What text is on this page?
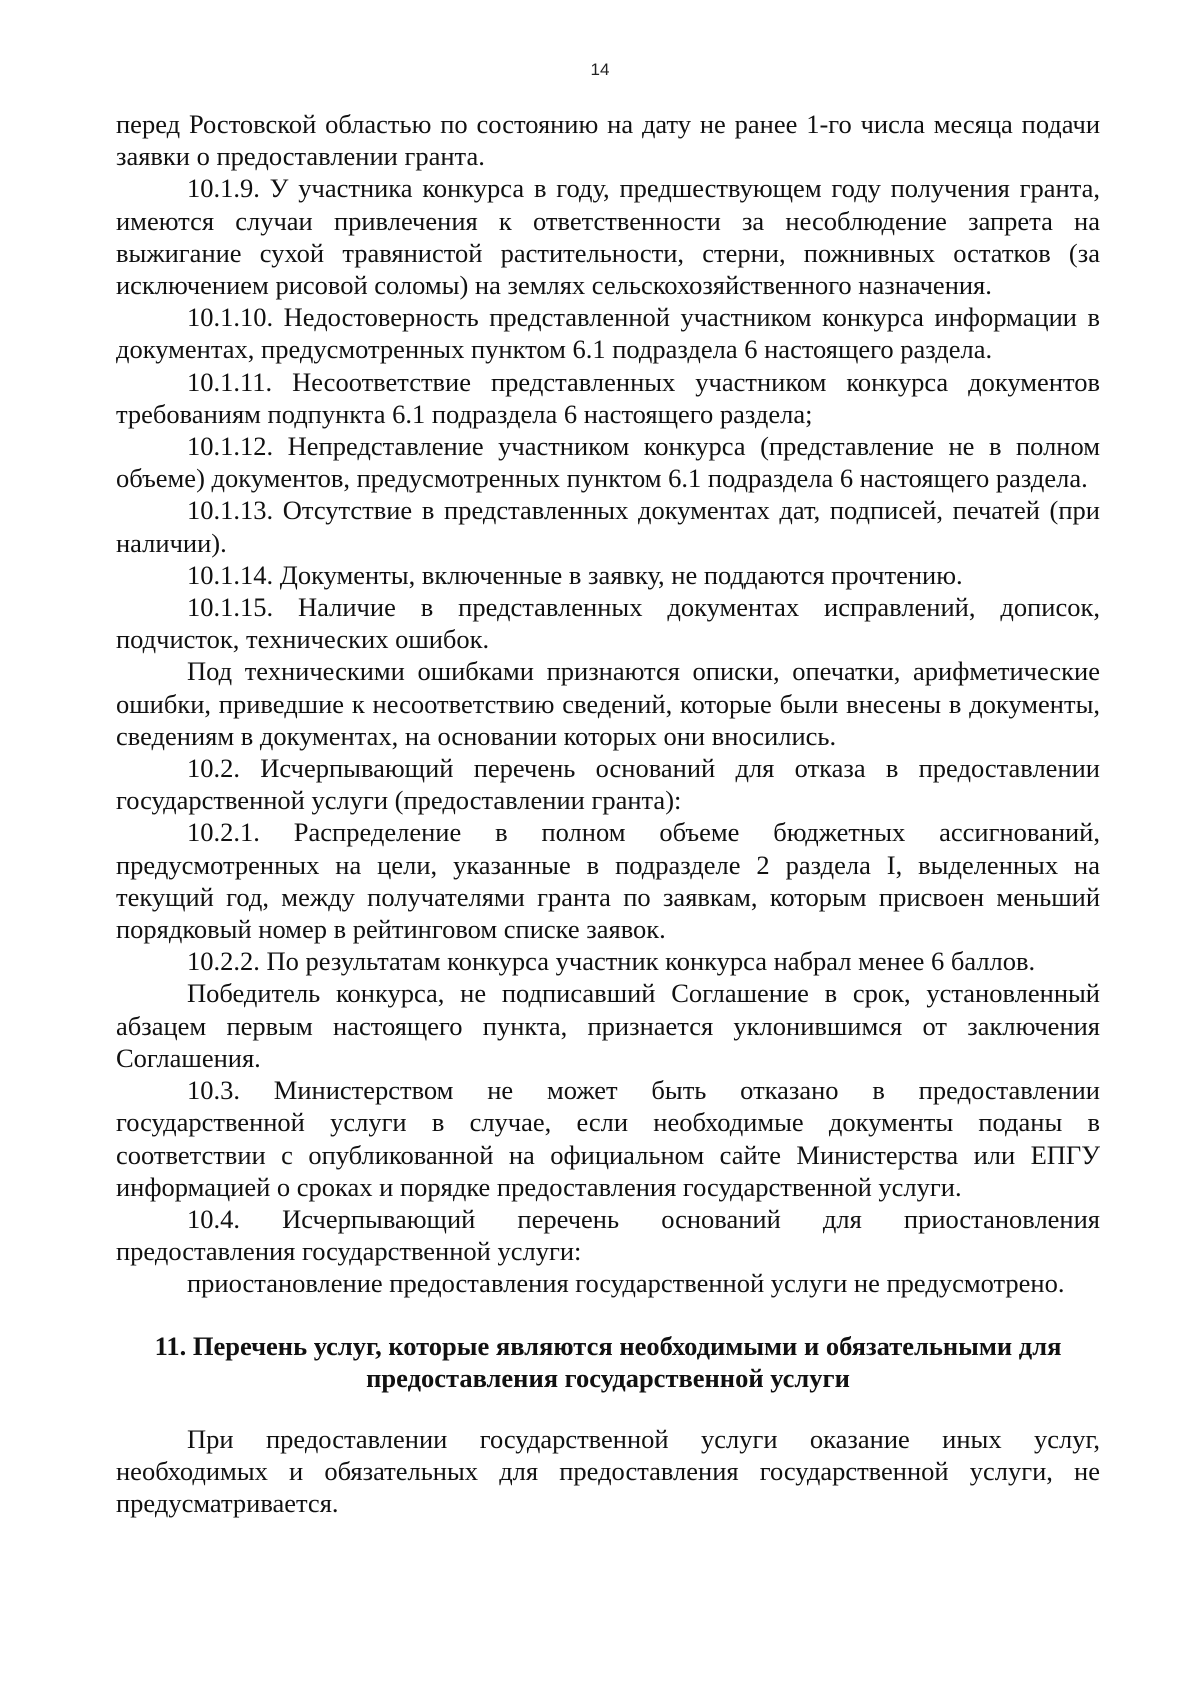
14

перед Ростовской областью по состоянию на дату не ранее 1-го числа месяца подачи заявки о предоставлении гранта.

10.1.9. У участника конкурса в году, предшествующем году получения гранта, имеются случаи привлечения к ответственности за несоблюдение запрета на выжигание сухой травянистой растительности, стерни, пожнивных остатков (за исключением рисовой соломы) на землях сельскохозяйственного назначения.

10.1.10. Недостоверность представленной участником конкурса информации в документах, предусмотренных пунктом 6.1 подраздела 6 настоящего раздела.

10.1.11. Несоответствие представленных участником конкурса документов требованиям подпункта 6.1 подраздела 6 настоящего раздела;

10.1.12. Непредставление участником конкурса (представление не в полном объеме) документов, предусмотренных пунктом 6.1 подраздела 6 настоящего раздела.

10.1.13. Отсутствие в представленных документах дат, подписей, печатей (при наличии).

10.1.14. Документы, включенные в заявку, не поддаются прочтению.

10.1.15. Наличие в представленных документах исправлений, дописок, подчисток, технических ошибок.

Под техническими ошибками признаются описки, опечатки, арифметические ошибки, приведшие к несоответствию сведений, которые были внесены в документы, сведениям в документах, на основании которых они вносились.

10.2. Исчерпывающий перечень оснований для отказа в предоставлении государственной услуги (предоставлении гранта):

10.2.1. Распределение в полном объеме бюджетных ассигнований, предусмотренных на цели, указанные в подразделе 2 раздела I, выделенных на текущий год, между получателями гранта по заявкам, которым присвоен меньший порядковый номер в рейтинговом списке заявок.

10.2.2. По результатам конкурса участник конкурса набрал менее 6 баллов.

Победитель конкурса, не подписавший Соглашение в срок, установленный абзацем первым настоящего пункта, признается уклонившимся от заключения Соглашения.

10.3. Министерством не может быть отказано в предоставлении государственной услуги в случае, если необходимые документы поданы в соответствии с опубликованной на официальном сайте Министерства или ЕПГУ информацией о сроках и порядке предоставления государственной услуги.

10.4. Исчерпывающий перечень оснований для приостановления предоставления государственной услуги:

приостановление предоставления государственной услуги не предусмотрено.

11. Перечень услуг, которые являются необходимыми и обязательными для
предоставления государственной услуги

При предоставлении государственной услуги оказание иных услуг, необходимых и обязательных для предоставления государственной услуги, не предусматривается.
